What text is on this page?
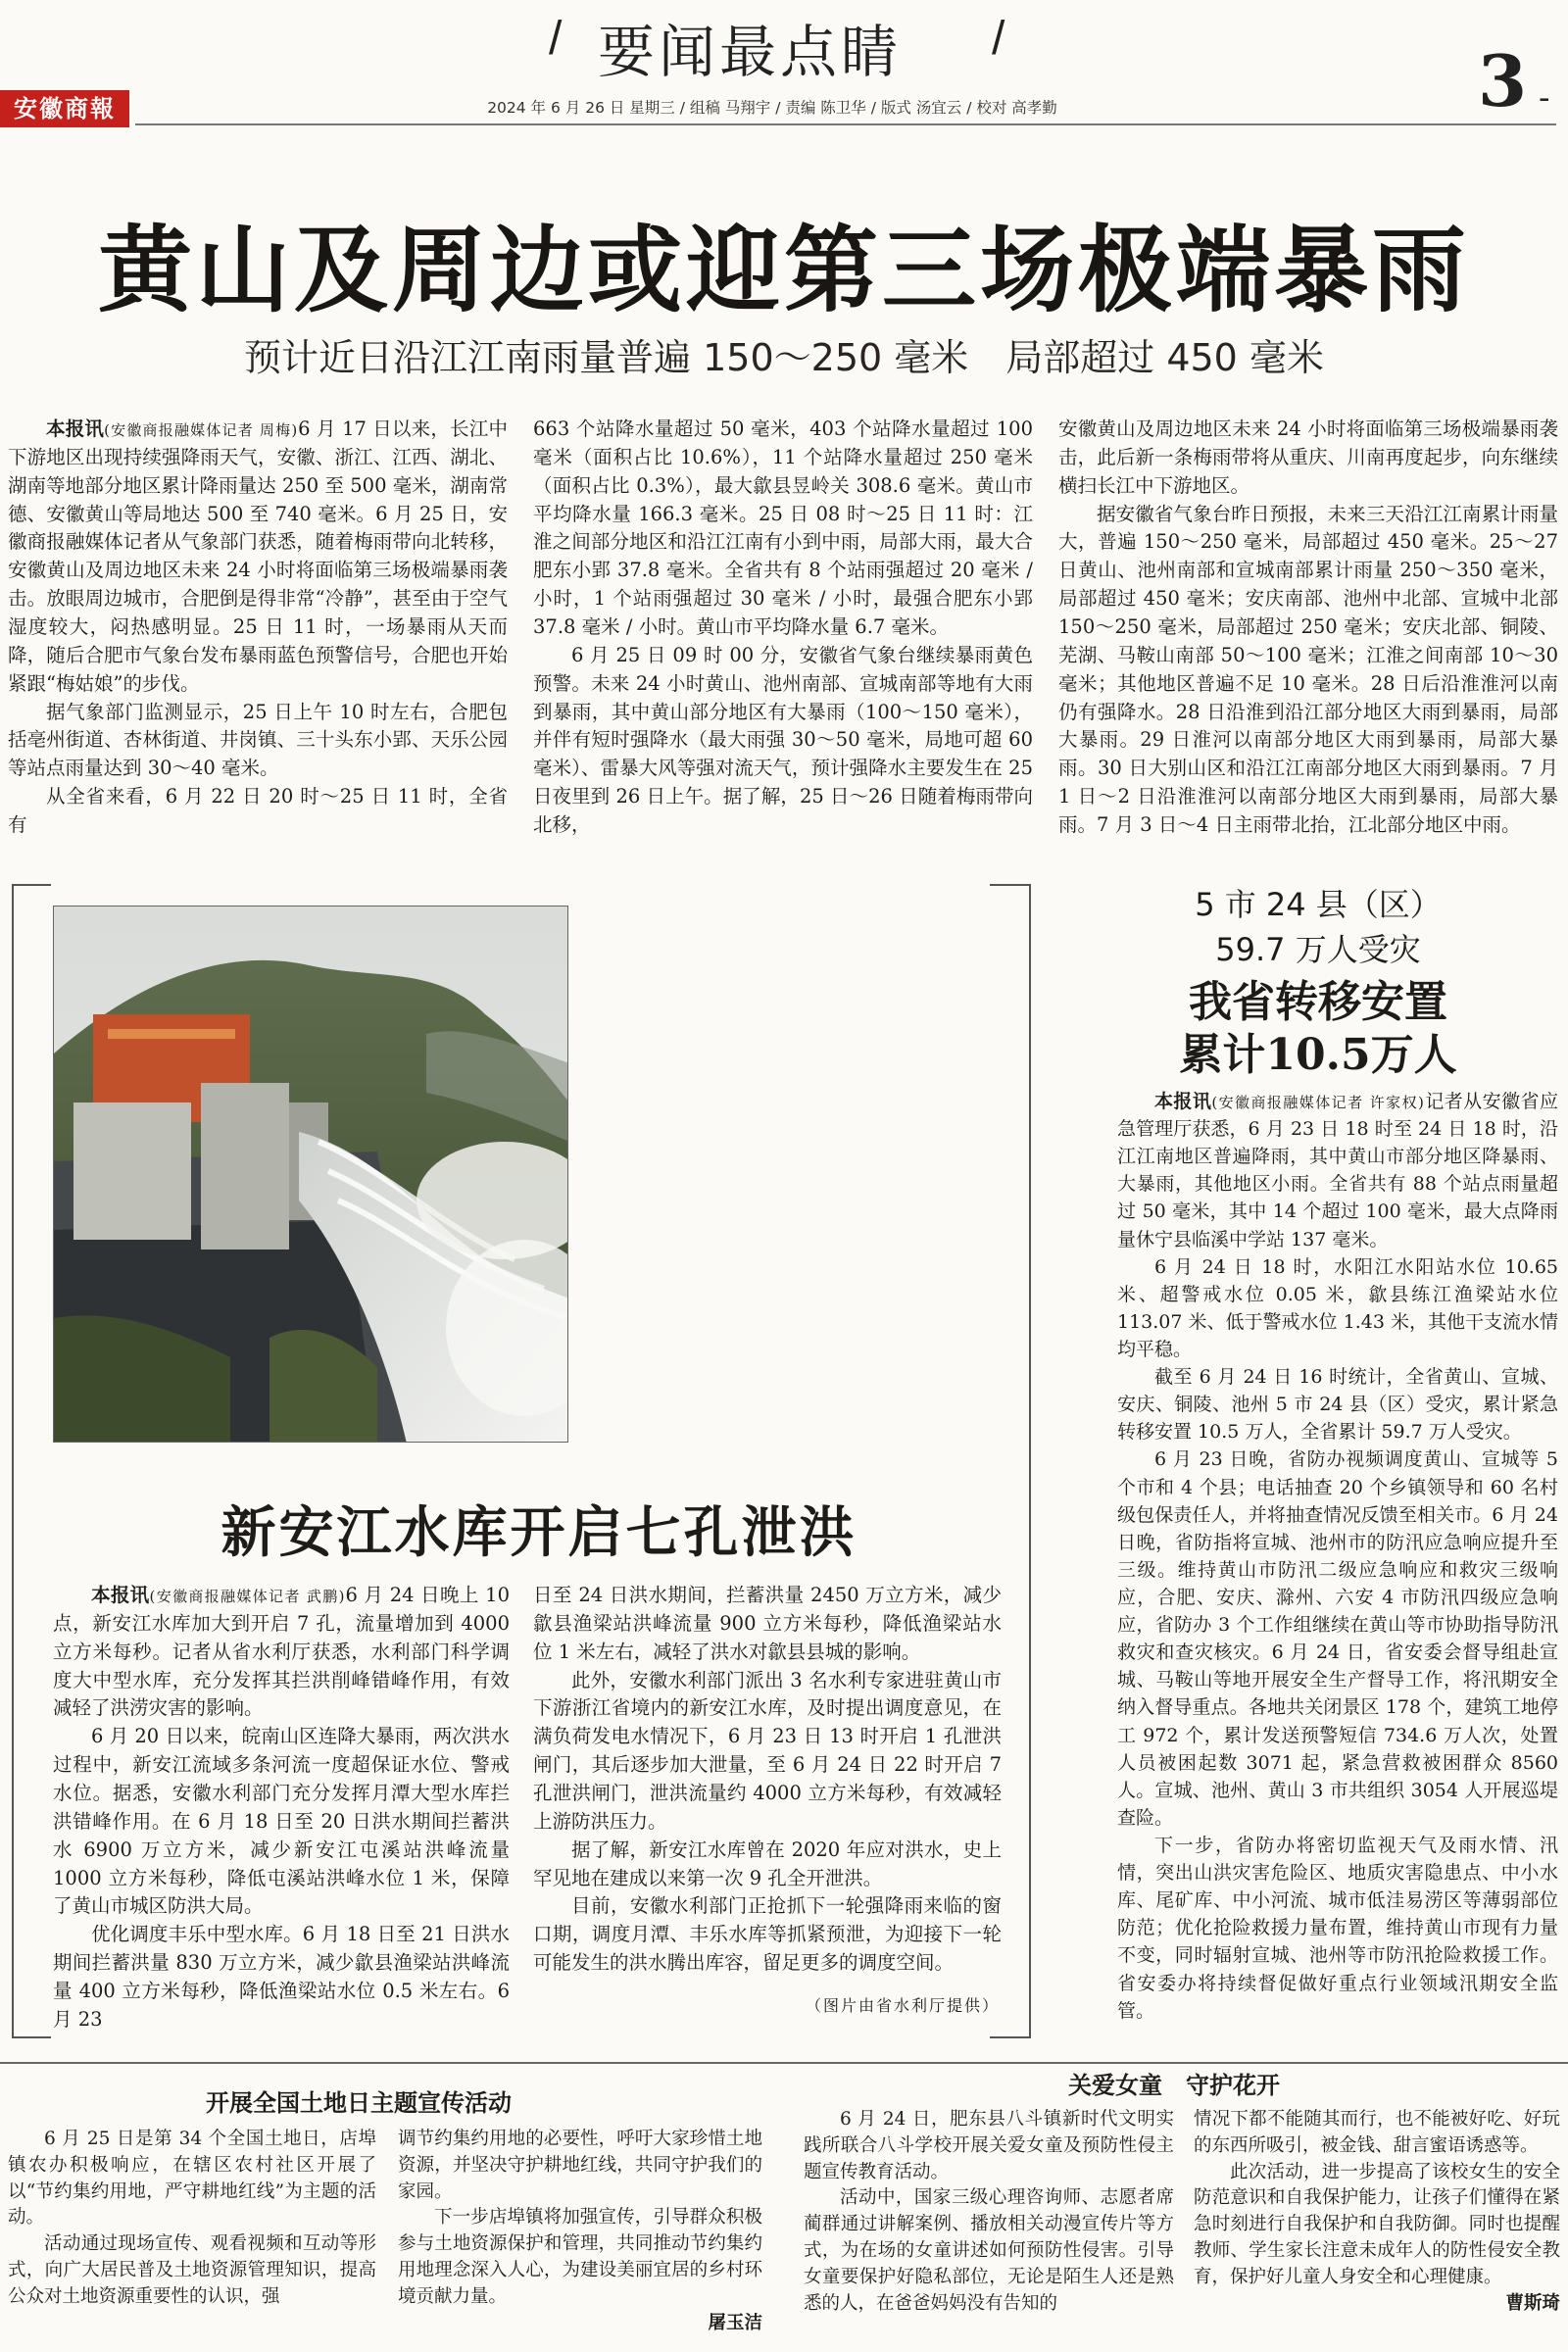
/ 要闻最点睛 /
安徽商報	2024 年 6 月 26 日 星期三 / 组稿 马翔宇 / 责编 陈卫华 / 版式 汤宜云 / 校对 高孝勤	3 -
黄山及周边或迎第三场极端暴雨
预计近日沿江江南雨量普遍 150～250 毫米　局部超过 450 毫米

本报讯(安徽商报融媒体记者 周梅)6 月 17 日以来，长江中下游地区出现持续强降雨天气，安徽、浙江、江西、湖北、湖南等地部分地区累计降雨量达 250 至 500 毫米，湖南常德、安徽黄山等局地达 500 至 740 毫米。6 月 25 日，安徽商报融媒体记者从气象部门获悉，随着梅雨带向北转移，安徽黄山及周边地区未来 24 小时将面临第三场极端暴雨袭击。放眼周边城市，合肥倒是得非常“冷静”，甚至由于空气湿度较大，闷热感明显。25 日 11 时，一场暴雨从天而降，随后合肥市气象台发布暴雨蓝色预警信号，合肥也开始紧跟“梅姑娘”的步伐。

据气象部门监测显示，25 日上午 10 时左右，合肥包括亳州街道、杏林街道、井岗镇、三十头东小郢、天乐公园等站点雨量达到 30～40 毫米。

从全省来看，6 月 22 日 20 时～25 日 11 时，全省有

663 个站降水量超过 50 毫米，403 个站降水量超过 100 毫米（面积占比 10.6%），11 个站降水量超过 250 毫米（面积占比 0.3%），最大歙县昱岭关 308.6 毫米。黄山市平均降水量 166.3 毫米。25 日 08 时～25 日 11 时：江淮之间部分地区和沿江江南有小到中雨，局部大雨，最大合肥东小郢 37.8 毫米。全省共有 8 个站雨强超过 20 毫米 / 小时，1 个站雨强超过 30 毫米 / 小时，最强合肥东小郢 37.8 毫米 / 小时。黄山市平均降水量 6.7 毫米。

6 月 25 日 09 时 00 分，安徽省气象台继续暴雨黄色预警。未来 24 小时黄山、池州南部、宣城南部等地有大雨到暴雨，其中黄山部分地区有大暴雨（100～150 毫米），并伴有短时强降水（最大雨强 30～50 毫米，局地可超 60 毫米）、雷暴大风等强对流天气，预计强降水主要发生在 25 日夜里到 26 日上午。据了解，25 日～26 日随着梅雨带向北移，

安徽黄山及周边地区未来 24 小时将面临第三场极端暴雨袭击，此后新一条梅雨带将从重庆、川南再度起步，向东继续横扫长江中下游地区。

据安徽省气象台昨日预报，未来三天沿江江南累计雨量大，普遍 150～250 毫米，局部超过 450 毫米。25～27 日黄山、池州南部和宣城南部累计雨量 250～350 毫米，局部超过 450 毫米；安庆南部、池州中北部、宣城中北部 150～250 毫米，局部超过 250 毫米；安庆北部、铜陵、芜湖、马鞍山南部 50～100 毫米；江淮之间南部 10～30 毫米；其他地区普遍不足 10 毫米。28 日后沿淮淮河以南仍有强降水。28 日沿淮到沿江部分地区大雨到暴雨，局部大暴雨。29 日淮河以南部分地区大雨到暴雨，局部大暴雨。30 日大别山区和沿江江南部分地区大雨到暴雨。7 月 1 日～2 日沿淮淮河以南部分地区大雨到暴雨，局部大暴雨。7 月 3 日～4 日主雨带北抬，江北部分地区中雨。

新安江水库开启七孔泄洪

本报讯(安徽商报融媒体记者 武鹏)6 月 24 日晚上 10 点，新安江水库加大到开启 7 孔，流量增加到 4000 立方米每秒。记者从省水利厅获悉，水利部门科学调度大中型水库，充分发挥其拦洪削峰错峰作用，有效减轻了洪涝灾害的影响。

6 月 20 日以来，皖南山区连降大暴雨，两次洪水过程中，新安江流域多条河流一度超保证水位、警戒水位。据悉，安徽水利部门充分发挥月潭大型水库拦洪错峰作用。在 6 月 18 日至 20 日洪水期间拦蓄洪水 6900 万立方米，减少新安江屯溪站洪峰流量 1000 立方米每秒，降低屯溪站洪峰水位 1 米，保障了黄山市城区防洪大局。

优化调度丰乐中型水库。6 月 18 日至 21 日洪水期间拦蓄洪量 830 万立方米，减少歙县渔梁站洪峰流量 400 立方米每秒，降低渔梁站水位 0.5 米左右。6 月 23

日至 24 日洪水期间，拦蓄洪量 2450 万立方米，减少歙县渔梁站洪峰流量 900 立方米每秒，降低渔梁站水位 1 米左右，减轻了洪水对歙县县城的影响。

此外，安徽水利部门派出 3 名水利专家进驻黄山市下游浙江省境内的新安江水库，及时提出调度意见，在满负荷发电水情况下，6 月 23 日 13 时开启 1 孔泄洪闸门，其后逐步加大泄量，至 6 月 24 日 22 时开启 7 孔泄洪闸门，泄洪流量约 4000 立方米每秒，有效减轻上游防洪压力。

据了解，新安江水库曾在 2020 年应对洪水，史上罕见地在建成以来第一次 9 孔全开泄洪。

目前，安徽水利部门正抢抓下一轮强降雨来临的窗口期，调度月潭、丰乐水库等抓紧预泄，为迎接下一轮可能发生的洪水腾出库容，留足更多的调度空间。

（图片由省水利厅提供）
5 市 24 县（区）
59.7 万人受灾
我省转移安置
累计10.5万人

本报讯(安徽商报融媒体记者 许家权)记者从安徽省应急管理厅获悉，6 月 23 日 18 时至 24 日 18 时，沿江江南地区普遍降雨，其中黄山市部分地区降暴雨、大暴雨，其他地区小雨。全省共有 88 个站点雨量超过 50 毫米，其中 14 个超过 100 毫米，最大点降雨量休宁县临溪中学站 137 毫米。

6 月 24 日 18 时，水阳江水阳站水位 10.65 米、超警戒水位 0.05 米，歙县练江渔梁站水位 113.07 米、低于警戒水位 1.43 米，其他干支流水情均平稳。

截至 6 月 24 日 16 时统计，全省黄山、宣城、安庆、铜陵、池州 5 市 24 县（区）受灾，累计紧急转移安置 10.5 万人，全省累计 59.7 万人受灾。

6 月 23 日晚，省防办视频调度黄山、宣城等 5 个市和 4 个县；电话抽查 20 个乡镇领导和 60 名村级包保责任人，并将抽查情况反馈至相关市。6 月 24 日晚，省防指将宣城、池州市的防汛应急响应提升至三级。维持黄山市防汛二级应急响应和救灾三级响应，合肥、安庆、滁州、六安 4 市防汛四级应急响应，省防办 3 个工作组继续在黄山等市协助指导防汛救灾和查灾核灾。6 月 24 日，省安委会督导组赴宣城、马鞍山等地开展安全生产督导工作，将汛期安全纳入督导重点。各地共关闭景区 178 个，建筑工地停工 972 个，累计发送预警短信 734.6 万人次，处置人员被困起数 3071 起，紧急营救被困群众 8560 人。宣城、池州、黄山 3 市共组织 3054 人开展巡堤查险。

下一步，省防办将密切监视天气及雨水情、汛情，突出山洪灾害危险区、地质灾害隐患点、中小水库、尾矿库、中小河流、城市低洼易涝区等薄弱部位防范；优化抢险救援力量布置，维持黄山市现有力量不变，同时辐射宣城、池州等市防汛抢险救援工作。省安委办将持续督促做好重点行业领域汛期安全监管。

开展全国土地日主题宣传活动

6 月 25 日是第 34 个全国土地日，店埠镇农办积极响应，在辖区农村社区开展了以“节约集约用地，严守耕地红线”为主题的活动。

活动通过现场宣传、观看视频和互动等形式，向广大居民普及土地资源管理知识，提高公众对土地资源重要性的认识，强

调节约集约用地的必要性，呼吁大家珍惜土地资源，并坚决守护耕地红线，共同守护我们的家园。

下一步店埠镇将加强宣传，引导群众积极参与土地资源保护和管理，共同推动节约集约用地理念深入人心，为建设美丽宜居的乡村环境贡献力量。

屠玉洁
关爱女童　守护花开

6 月 24 日，肥东县八斗镇新时代文明实践所联合八斗学校开展关爱女童及预防性侵主题宣传教育活动。

活动中，国家三级心理咨询师、志愿者席蔺群通过讲解案例、播放相关动漫宣传片等方式，为在场的女童讲述如何预防性侵害。引导女童要保护好隐私部位，无论是陌生人还是熟悉的人，在爸爸妈妈没有告知的

情况下都不能随其而行，也不能被好吃、好玩的东西所吸引，被金钱、甜言蜜语诱惑等。

此次活动，进一步提高了该校女生的安全防范意识和自我保护能力，让孩子们懂得在紧急时刻进行自我保护和自我防御。同时也提醒教师、学生家长注意未成年人的防性侵安全教育，保护好儿童人身安全和心理健康。

曹斯琦
